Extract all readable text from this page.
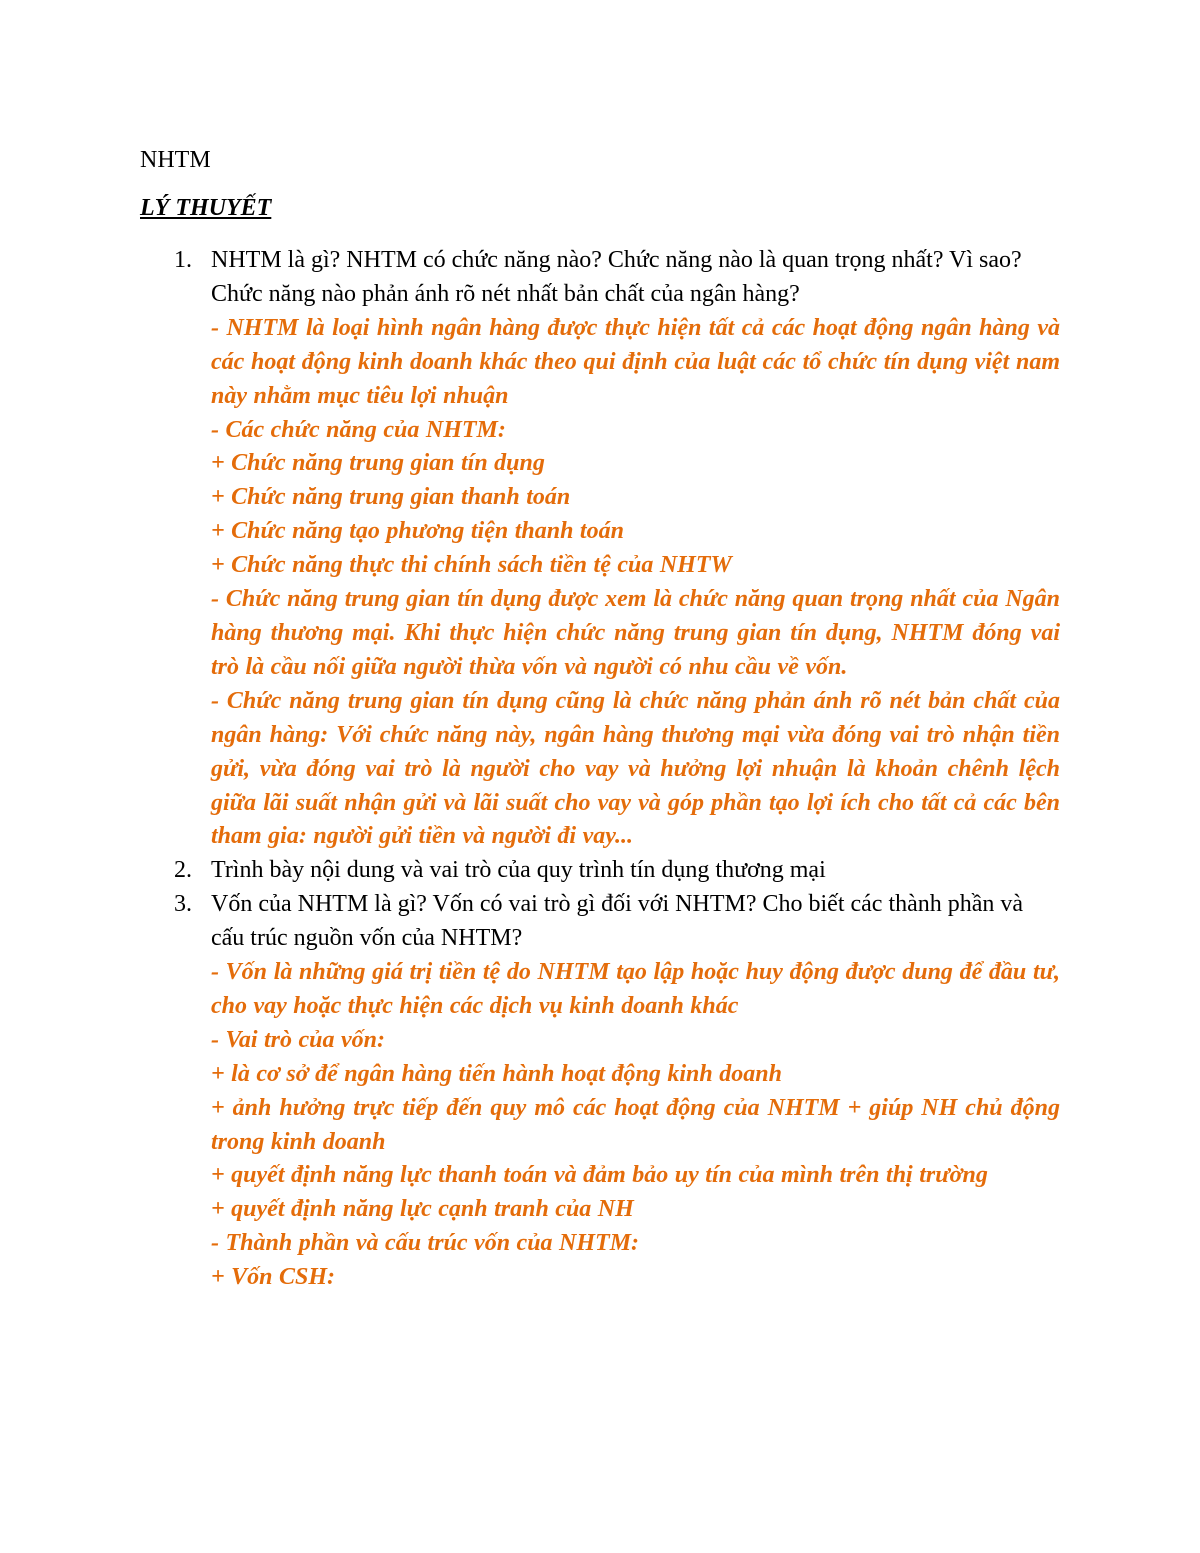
NHTM
LÝ THUYẾT
1. NHTM là gì? NHTM có chức năng nào? Chức năng nào là quan trọng nhất? Vì sao? Chức năng nào phản ánh rõ nét nhất bản chất của ngân hàng?
- NHTM là loại hình ngân hàng được thực hiện tất cả các hoạt động ngân hàng và các hoạt động kinh doanh khác theo qui định của luật các tổ chức tín dụng việt nam này nhằm mục tiêu lợi nhuận
- Các chức năng của NHTM:
+ Chức năng trung gian tín dụng
+ Chức năng trung gian thanh toán
+ Chức năng tạo phương tiện thanh toán
+ Chức năng thực thi chính sách tiền tệ của NHTW
- Chức năng trung gian tín dụng được xem là chức năng quan trọng nhất của Ngân hàng thương mại. Khi thực hiện chức năng trung gian tín dụng, NHTM đóng vai trò là cầu nối giữa người thừa vốn và người có nhu cầu về vốn.
- Chức năng trung gian tín dụng cũng là chức năng phản ánh rõ nét bản chất của ngân hàng: Với chức năng này, ngân hàng thương mại vừa đóng vai trò nhận tiền gửi, vừa đóng vai trò là người cho vay và hưởng lợi nhuận là khoản chênh lệch giữa lãi suất nhận gửi và lãi suất cho vay và góp phần tạo lợi ích cho tất cả các bên tham gia: người gửi tiền và người đi vay...
2. Trình bày nội dung và vai trò của quy trình tín dụng thương mại
3. Vốn của NHTM là gì? Vốn có vai trò gì đối với NHTM? Cho biết các thành phần và cấu trúc nguồn vốn của NHTM?
- Vốn là những giá trị tiền tệ do NHTM tạo lập hoặc huy động được dung để đầu tư, cho vay hoặc thực hiện các dịch vụ kinh doanh khác
- Vai trò của vốn:
+ là cơ sở để ngân hàng tiến hành hoạt động kinh doanh
+ ảnh hưởng trực tiếp đến quy mô các hoạt động của NHTM + giúp NH chủ động trong kinh doanh
+ quyết định năng lực thanh toán và đảm bảo uy tín của mình trên thị trường
+ quyết định năng lực cạnh tranh của NH
- Thành phần và cấu trúc vốn của NHTM:
+ Vốn CSH:
